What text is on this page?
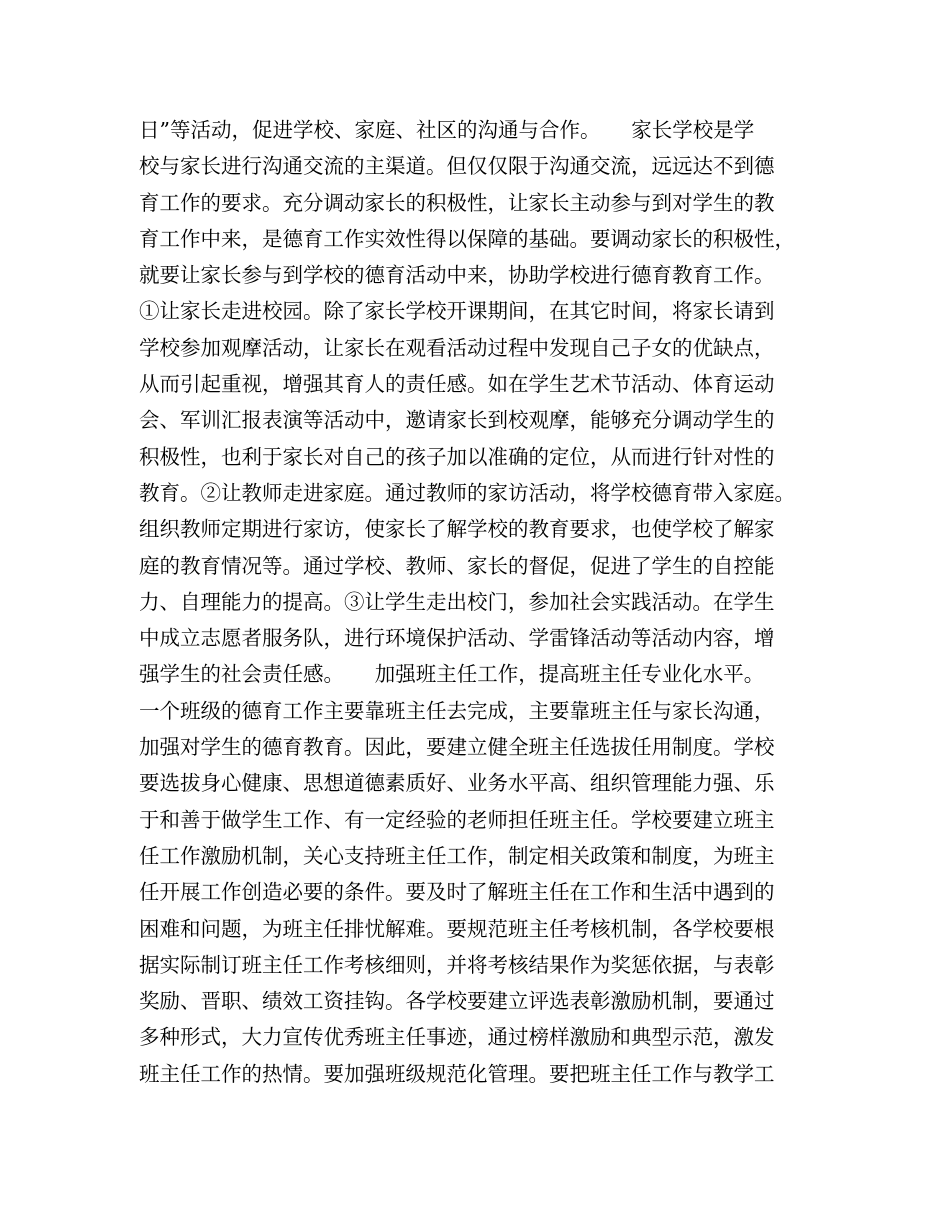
日”等活动，促进学校、家庭、社区的沟通与合作。　　家长学校是学
校与家长进行沟通交流的主渠道。但仅仅限于沟通交流，远远达不到德
育工作的要求。充分调动家长的积极性，让家长主动参与到对学生的教
育工作中来，是德育工作实效性得以保障的基础。要调动家长的积极性，
就要让家长参与到学校的德育活动中来，协助学校进行德育教育工作。
①让家长走进校园。除了家长学校开课期间，在其它时间，将家长请到
学校参加观摩活动，让家长在观看活动过程中发现自己子女的优缺点，
从而引起重视，增强其育人的责任感。如在学生艺术节活动、体育运动
会、军训汇报表演等活动中，邀请家长到校观摩，能够充分调动学生的
积极性，也利于家长对自己的孩子加以准确的定位，从而进行针对性的
教育。②让教师走进家庭。通过教师的家访活动，将学校德育带入家庭。
组织教师定期进行家访，使家长了解学校的教育要求，也使学校了解家
庭的教育情况等。通过学校、教师、家长的督促，促进了学生的自控能
力、自理能力的提高。③让学生走出校门，参加社会实践活动。在学生
中成立志愿者服务队，进行环境保护活动、学雷锋活动等活动内容，增
强学生的社会责任感。　　加强班主任工作，提高班主任专业化水平。
一个班级的德育工作主要靠班主任去完成，主要靠班主任与家长沟通，
加强对学生的德育教育。因此，要建立健全班主任选拔任用制度。学校
要选拔身心健康、思想道德素质好、业务水平高、组织管理能力强、乐
于和善于做学生工作、有一定经验的老师担任班主任。学校要建立班主
任工作激励机制，关心支持班主任工作，制定相关政策和制度，为班主
任开展工作创造必要的条件。要及时了解班主任在工作和生活中遇到的
困难和问题，为班主任排忧解难。要规范班主任考核机制，各学校要根
据实际制订班主任工作考核细则，并将考核结果作为奖惩依据，与表彰
奖励、晋职、绩效工资挂钩。各学校要建立评选表彰激励机制，要通过
多种形式，大力宣传优秀班主任事迹，通过榜样激励和典型示范，激发
班主任工作的热情。要加强班级规范化管理。要把班主任工作与教学工
